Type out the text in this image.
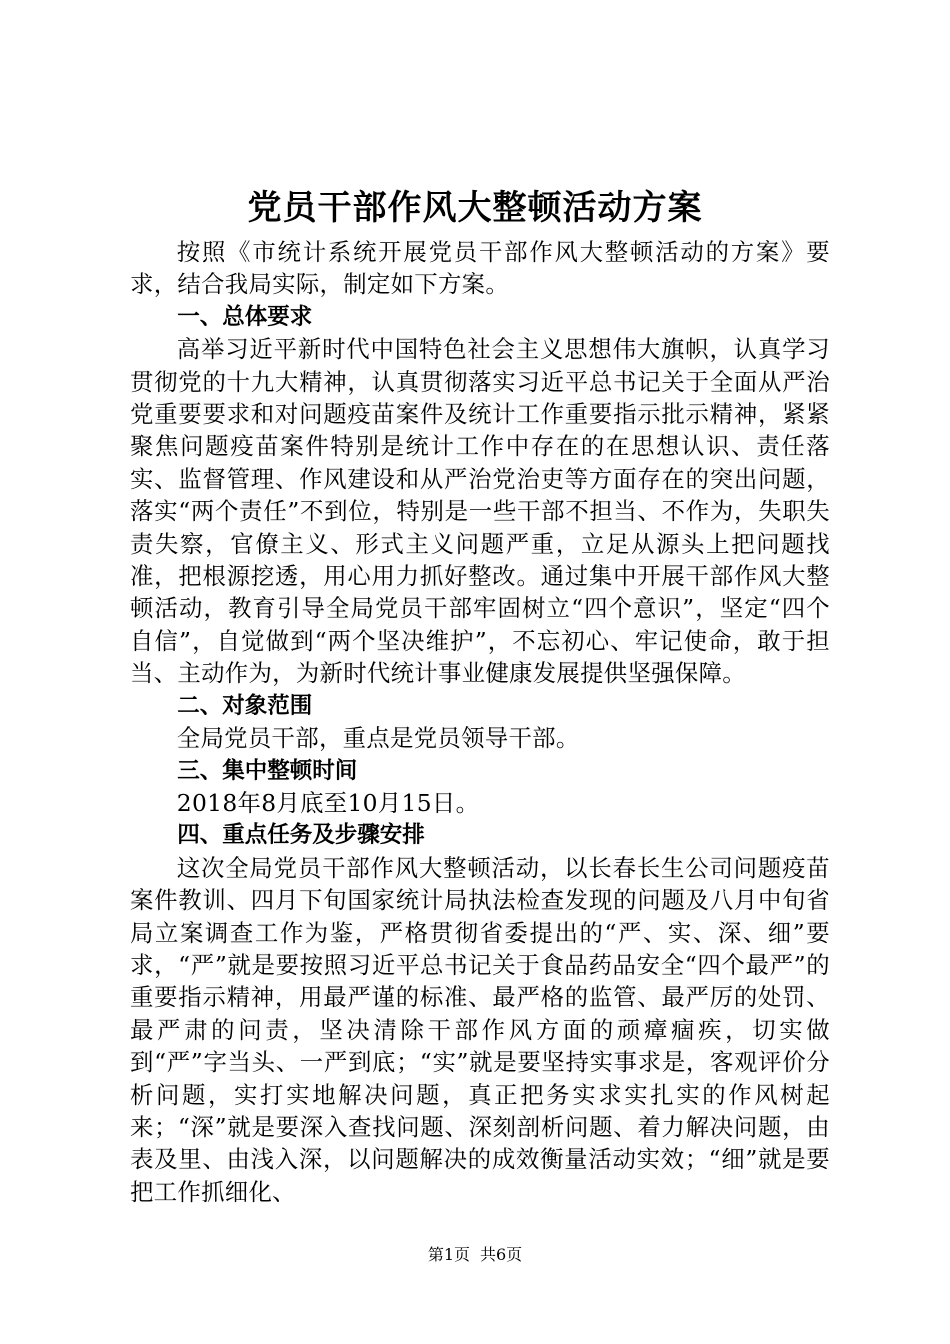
党员干部作风大整顿活动方案

按照《市统计系统开展党员干部作风大整顿活动的方案》要求，结合我局实际，制定如下方案。

一、总体要求

高举习近平新时代中国特色社会主义思想伟大旗帜，认真学习贯彻党的十九大精神，认真贯彻落实习近平总书记关于全面从严治党重要要求和对问题疫苗案件及统计工作重要指示批示精神，紧紧聚焦问题疫苗案件特别是统计工作中存在的在思想认识、责任落实、监督管理、作风建设和从严治党治吏等方面存在的突出问题，落实“两个责任”不到位，特别是一些干部不担当、不作为，失职失责失察，官僚主义、形式主义问题严重，立足从源头上把问题找准，把根源挖透，用心用力抓好整改。通过集中开展干部作风大整顿活动，教育引导全局党员干部牢固树立“四个意识”，坚定“四个自信”，自觉做到“两个坚决维护”，不忘初心、牢记使命，敢于担当、主动作为，为新时代统计事业健康发展提供坚强保障。

二、对象范围

全局党员干部，重点是党员领导干部。

三、集中整顿时间

2018年8月底至10月15日。

四、重点任务及步骤安排

这次全局党员干部作风大整顿活动，以长春长生公司问题疫苗案件教训、四月下旬国家统计局执法检查发现的问题及八月中旬省局立案调查工作为鉴，严格贯彻省委提出的“严、实、深、细”要求，“严”就是要按照习近平总书记关于食品药品安全“四个最严”的重要指示精神，用最严谨的标准、最严格的监管、最严厉的处罚、最严肃的问责，坚决清除干部作风方面的顽瘴痼疾，切实做到“严”字当头、一严到底；“实”就是要坚持实事求是，客观评价分析问题，实打实地解决问题，真正把务实求实扎实的作风树起来；“深”就是要深入查找问题、深刻剖析问题、着力解决问题，由表及里、由浅入深，以问题解决的成效衡量活动实效；“细”就是要把工作抓细化、

第1页 共6页
